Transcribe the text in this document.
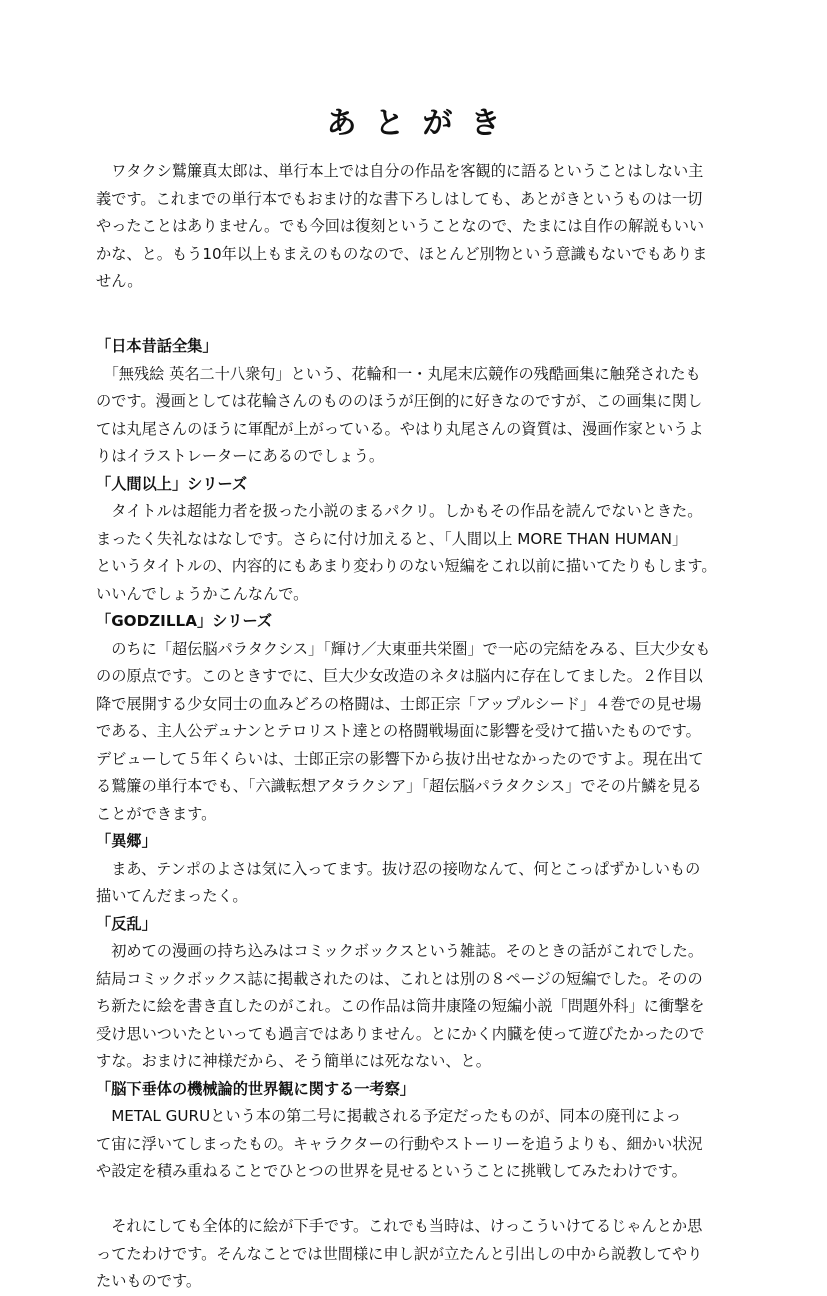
あとがき
　ワタクシ鷲簾真太郎は、単行本上では自分の作品を客観的に語るということはしない主
義です。これまでの単行本でもおまけ的な書下ろしはしても、あとがきというものは一切
やったことはありません。でも今回は復刻ということなので、たまには自作の解説もいい
かな、と。もう10年以上もまえのものなので、ほとんど別物という意識もないでもありま
せん。
「日本昔話全集」
　「無残絵 英名二十八衆句」という、花輪和一・丸尾末広競作の残酷画集に触発されたも
のです。漫画としては花輪さんのもののほうが圧倒的に好きなのですが、この画集に関し
ては丸尾さんのほうに軍配が上がっている。やはり丸尾さんの資質は、漫画作家というよ
りはイラストレーターにあるのでしょう。
「人間以上」シリーズ
　タイトルは超能力者を扱った小説のまるパクリ。しかもその作品を読んでないときた。
まったく失礼なはなしです。さらに付け加えると、「人間以上 MORE THAN HUMAN」
というタイトルの、内容的にもあまり変わりのない短編をこれ以前に描いてたりもします。
いいんでしょうかこんなんで。
「GODZILLA」シリーズ
　のちに「超伝脳パラタクシス」「輝け／大東亜共栄圏」で一応の完結をみる、巨大少女も
のの原点です。このときすでに、巨大少女改造のネタは脳内に存在してました。２作目以
降で展開する少女同士の血みどろの格闘は、士郎正宗「アップルシード」４巻での見せ場
である、主人公デュナンとテロリスト達との格闘戦場面に影響を受けて描いたものです。
デビューして５年くらいは、士郎正宗の影響下から抜け出せなかったのですよ。現在出て
る鷲簾の単行本でも、「六識転想アタラクシア」「超伝脳パラタクシス」でその片鱗を見る
ことができます。
「異郷」
　まあ、テンポのよさは気に入ってます。抜け忍の接吻なんて、何とこっぱずかしいもの
描いてんだまったく。
「反乱」
　初めての漫画の持ち込みはコミックボックスという雑誌。そのときの話がこれでした。
結局コミックボックス誌に掲載されたのは、これとは別の８ページの短編でした。そのの
ち新たに絵を書き直したのがこれ。この作品は筒井康隆の短編小説「問題外科」に衝撃を
受け思いついたといっても過言ではありません。とにかく内臓を使って遊びたかったので
すな。おまけに神様だから、そう簡単には死なない、と。
「脳下垂体の機械論的世界観に関する一考察」
　METAL GURUという本の第二号に掲載される予定だったものが、同本の廃刊によっ
て宙に浮いてしまったもの。キャラクターの行動やストーリーを追うよりも、細かい状況
や設定を積み重ねることでひとつの世界を見せるということに挑戦してみたわけです。
　それにしても全体的に絵が下手です。これでも当時は、けっこういけてるじゃんとか思
ってたわけです。そんなことでは世間様に申し訳が立たんと引出しの中から説教してやり
たいものです。
